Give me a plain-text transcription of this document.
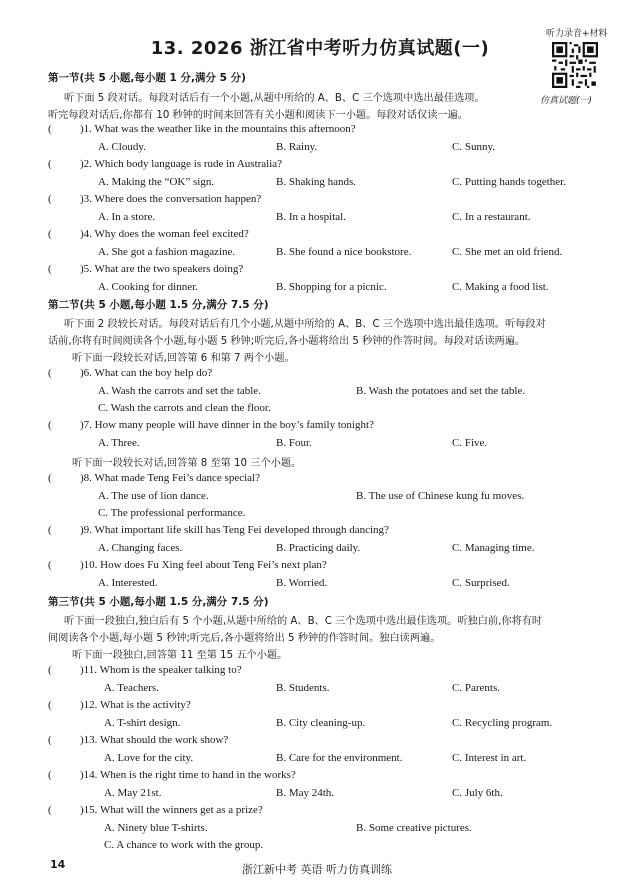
13. 2026 浙江省中考听力仿真试题(一)
听力录音+材料
仿真试题(一)
第一节(共 5 小题,每小题 1 分,满分 5 分)
听下面 5 段对话。每段对话后有一个小题,从题中所给的 A、B、C 三个选项中选出最佳选项。
听完每段对话后,你都有 10 秒钟的时间来回答有关小题和阅读下一小题。每段对话仅读一遍。
(	)1. What was the weather like in the mountains this afternoon?
A. Cloudy.	B. Rainy.	C. Sunny.
(	)2. Which body language is rude in Australia?
A. Making the “OK” sign.	B. Shaking hands.	C. Putting hands together.
(	)3. Where does the conversation happen?
A. In a store.	B. In a hospital.	C. In a restaurant.
(	)4. Why does the woman feel excited?
A. She got a fashion magazine.	B. She found a nice bookstore.	C. She met an old friend.
(	)5. What are the two speakers doing?
A. Cooking for dinner.	B. Shopping for a picnic.	C. Making a food list.
第二节(共 5 小题,每小题 1.5 分,满分 7.5 分)
听下面 2 段较长对话。每段对话后有几个小题,从题中所给的 A、B、C 三个选项中选出最佳选项。听每段对
话前,你将有时间阅读各个小题,每小题 5 秒钟;听完后,各小题将给出 5 秒钟的作答时间。每段对话读两遍。
听下面一段较长对话,回答第 6 和第 7 两个小题。
(	)6. What can the boy help do?
A. Wash the carrots and set the table.	B. Wash the potatoes and set the table.
C. Wash the carrots and clean the floor.
(	)7. How many people will have dinner in the boy’s family tonight?
A. Three.	B. Four.	C. Five.
听下面一段较长对话,回答第 8 至第 10 三个小题。
(	)8. What made Teng Fei’s dance special?
A. The use of lion dance.	B. The use of Chinese kung fu moves.
C. The professional performance.
(	)9. What important life skill has Teng Fei developed through dancing?
A. Changing faces.	B. Practicing daily.	C. Managing time.
(	)10. How does Fu Xing feel about Teng Fei’s next plan?
A. Interested.	B. Worried.	C. Surprised.
第三节(共 5 小题,每小题 1.5 分,满分 7.5 分)
听下面一段独白,独白后有 5 个小题,从题中所给的 A、B、C 三个选项中选出最佳选项。听独白前,你将有时
间阅读各个小题,每小题 5 秒钟;听完后,各小题将给出 5 秒钟的作答时间。独白读两遍。
听下面一段独白,回答第 11 至第 15 五个小题。
(	)11. Whom is the speaker talking to?
A. Teachers.	B. Students.	C. Parents.
(	)12. What is the activity?
A. T-shirt design.	B. City cleaning-up.	C. Recycling program.
(	)13. What should the work show?
A. Love for the city.	B. Care for the environment.	C. Interest in art.
(	)14. When is the right time to hand in the works?
A. May 21st.	B. May 24th.	C. July 6th.
(	)15. What will the winners get as a prize?
A. Ninety blue T-shirts.	B. Some creative pictures.
C. A chance to work with the group.
14	浙江新中考 英语 听力仿真训练
